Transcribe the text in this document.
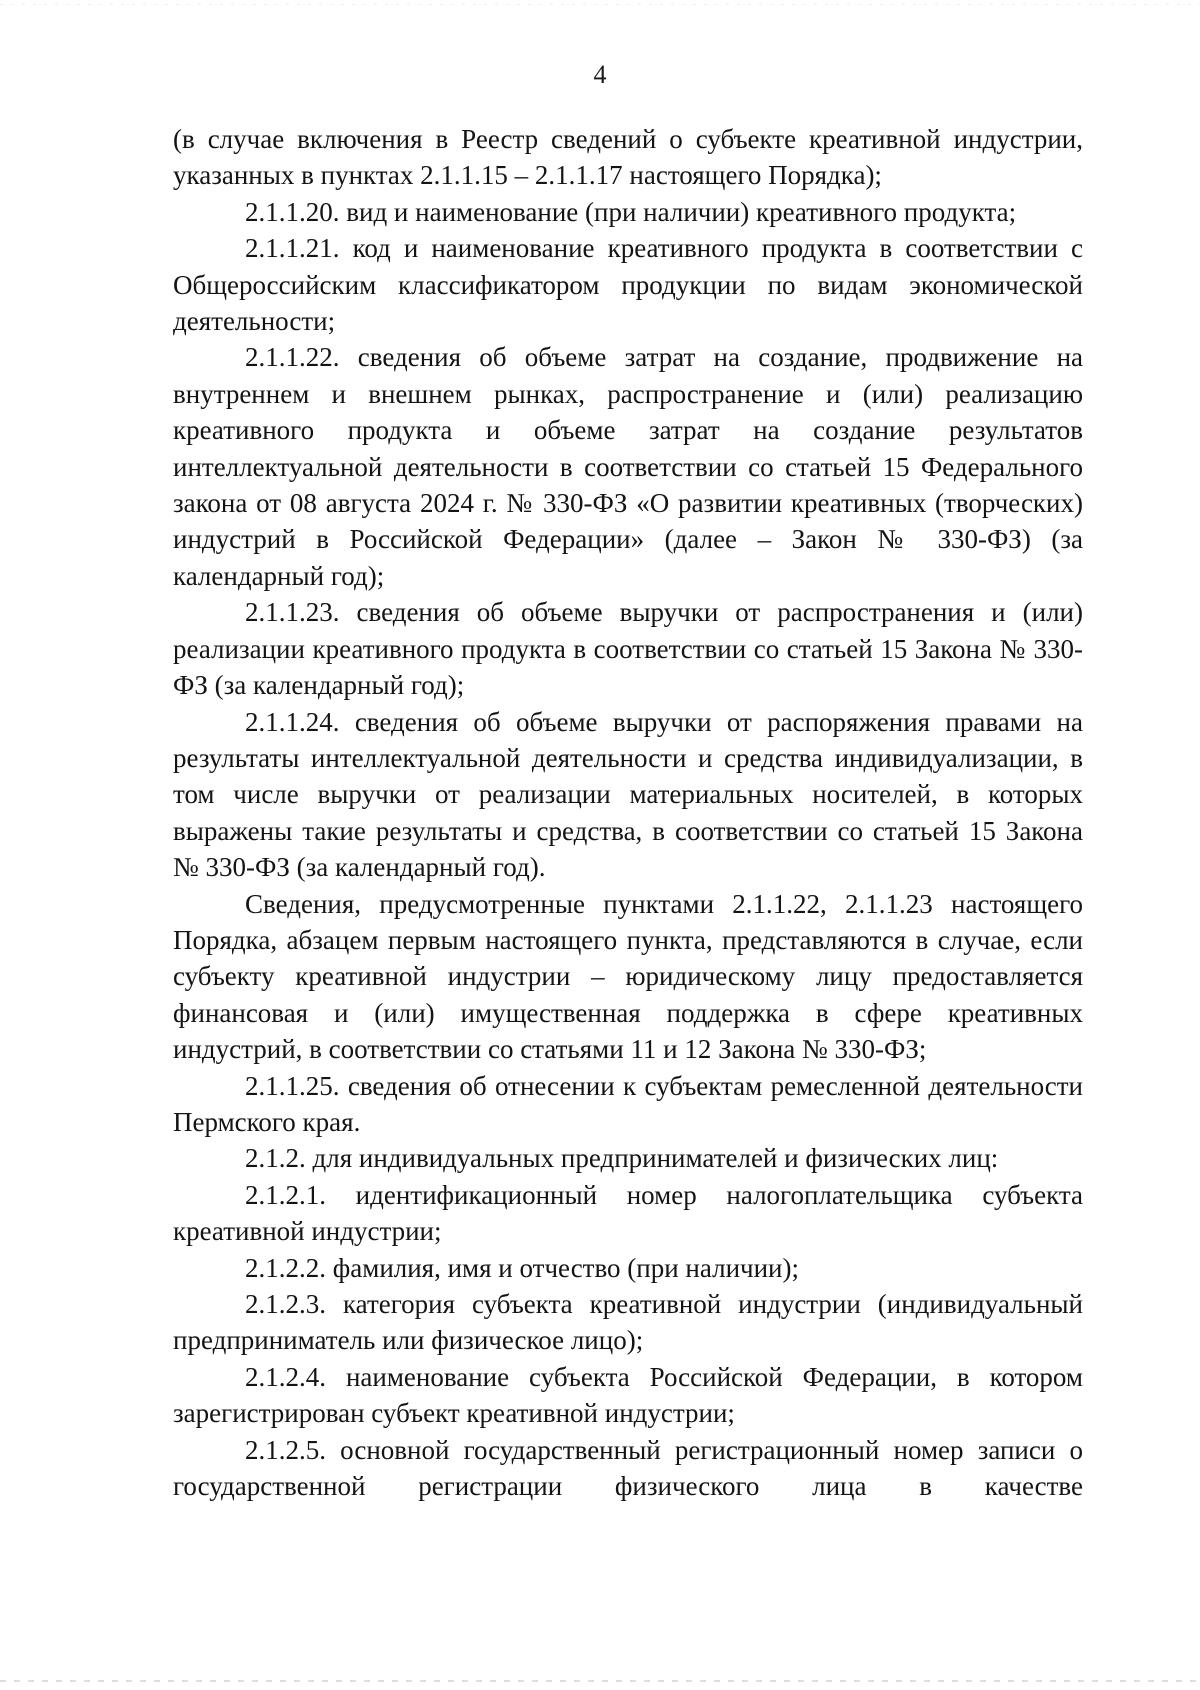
4

(в случае включения в Реестр сведений о субъекте креативной индустрии, указанных в пунктах 2.1.1.15 – 2.1.1.17 настоящего Порядка);

2.1.1.20. вид и наименование (при наличии) креативного продукта;

2.1.1.21. код и наименование креативного продукта в соответствии с Общероссийским классификатором продукции по видам экономической деятельности;

2.1.1.22. сведения об объеме затрат на создание, продвижение на внутреннем и внешнем рынках, распространение и (или) реализацию креативного продукта и объеме затрат на создание результатов интеллектуальной деятельности в соответствии со статьей 15 Федерального закона от 08 августа 2024 г. № 330-ФЗ «О развитии креативных (творческих) индустрий в Российской Федерации» (далее – Закон № 330-ФЗ) (за календарный год);

2.1.1.23. сведения об объеме выручки от распространения и (или) реализации креативного продукта в соответствии со статьей 15 Закона № 330-ФЗ (за календарный год);

2.1.1.24. сведения об объеме выручки от распоряжения правами на результаты интеллектуальной деятельности и средства индивидуализации, в том числе выручки от реализации материальных носителей, в которых выражены такие результаты и средства, в соответствии со статьей 15 Закона № 330-ФЗ (за календарный год).

Сведения, предусмотренные пунктами 2.1.1.22, 2.1.1.23 настоящего Порядка, абзацем первым настоящего пункта, представляются в случае, если субъекту креативной индустрии – юридическому лицу предоставляется финансовая и (или) имущественная поддержка в сфере креативных индустрий, в соответствии со статьями 11 и 12 Закона № 330-ФЗ;

2.1.1.25. сведения об отнесении к субъектам ремесленной деятельности Пермского края.

2.1.2. для индивидуальных предпринимателей и физических лиц:

2.1.2.1. идентификационный номер налогоплательщика субъекта креативной индустрии;

2.1.2.2. фамилия, имя и отчество (при наличии);

2.1.2.3. категория субъекта креативной индустрии (индивидуальный предприниматель или физическое лицо);

2.1.2.4. наименование субъекта Российской Федерации, в котором зарегистрирован субъект креативной индустрии;

2.1.2.5. основной государственный регистрационный номер записи о государственной регистрации физического лица в качестве
